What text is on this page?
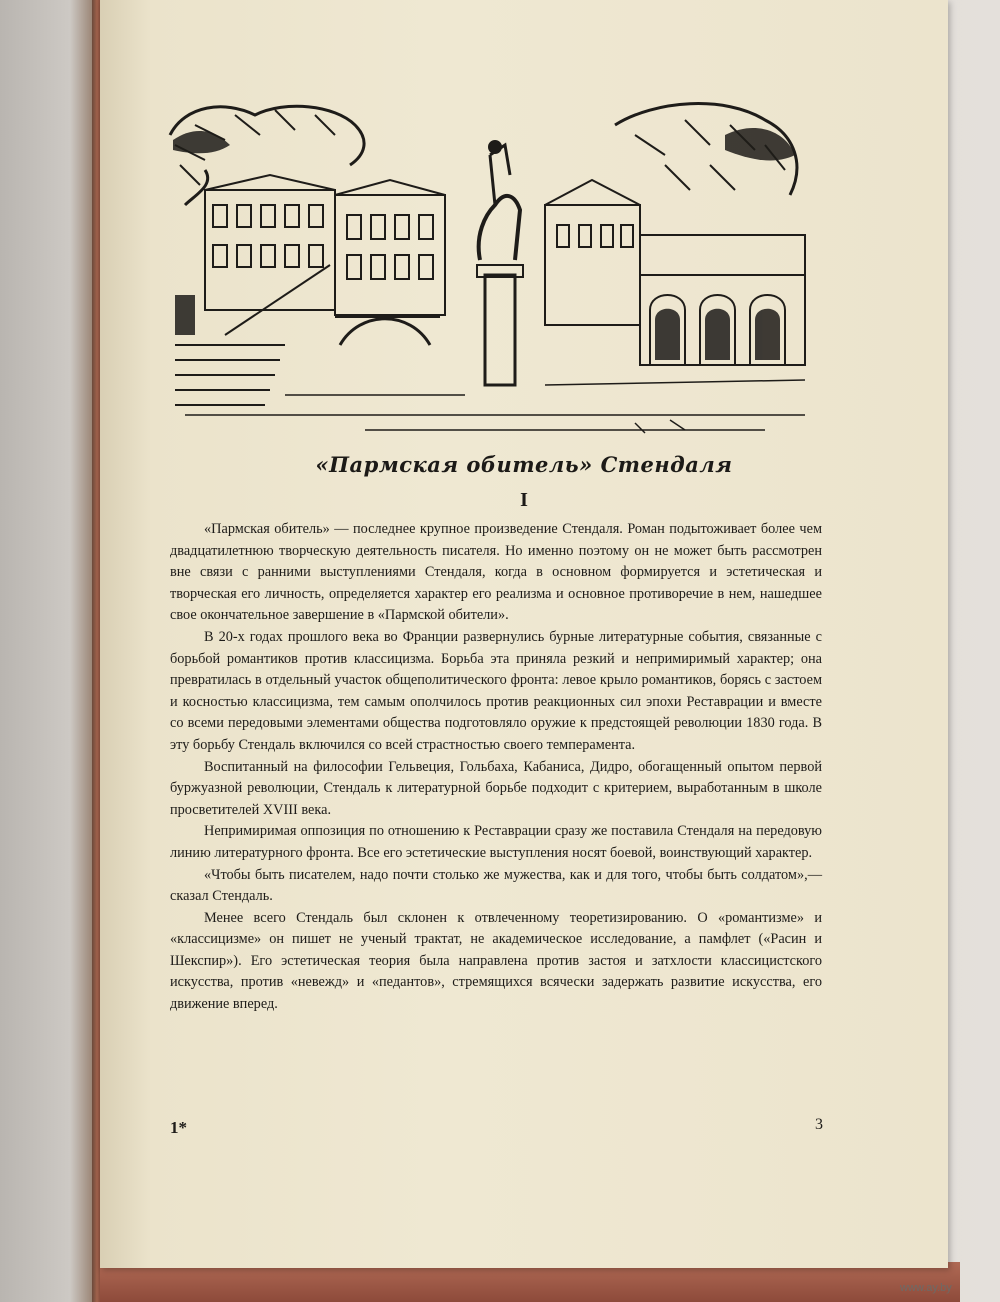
«Пармская обитель» Стендаля
I

«Пармская обитель» — последнее крупное произведение Стендаля. Роман подытоживает более чем двадцатилетнюю творческую деятельность писателя. Но именно поэтому он не может быть рассмотрен вне связи с ранними выступлениями Стендаля, когда в основном формируется и эстетическая и творческая его личность, определяется характер его реализма и основное противоречие в нем, нашедшее свое окончательное завершение в «Пармской обители».

В 20-х годах прошлого века во Франции развернулись бурные литературные события, связанные с борьбой романтиков против классицизма. Борьба эта приняла резкий и непримиримый характер; она превратилась в отдельный участок общеполитического фронта: левое крыло романтиков, борясь с застоем и косностью классицизма, тем самым ополчилось против реакционных сил эпохи Реставрации и вместе со всеми передовыми элементами общества подготовляло оружие к предстоящей революции 1830 года. В эту борьбу Стендаль включился со всей страстностью своего темперамента.

Воспитанный на философии Гельвеция, Гольбаха, Кабаниса, Дидро, обогащенный опытом первой буржуазной революции, Стендаль к литературной борьбе подходит с критерием, выработанным в школе просветителей XVIII века.

Непримиримая оппозиция по отношению к Реставрации сразу же поставила Стендаля на передовую линию литературного фронта. Все его эстетические выступления носят боевой, воинствующий характер.

«Чтобы быть писателем, надо почти столько же мужества, как и для того, чтобы быть солдатом»,— сказал Стендаль.

Менее всего Стендаль был склонен к отвлеченному теоретизированию. О «романтизме» и «классицизме» он пишет не ученый трактат, не академическое исследование, а памфлет («Расин и Шекспир»). Его эстетическая теория была направлена против застоя и затхлости классицистского искусства, против «невежд» и «педантов», стремящихся всячески задержать развитие искусства, его движение вперед.

1*	3
www.ay.by
